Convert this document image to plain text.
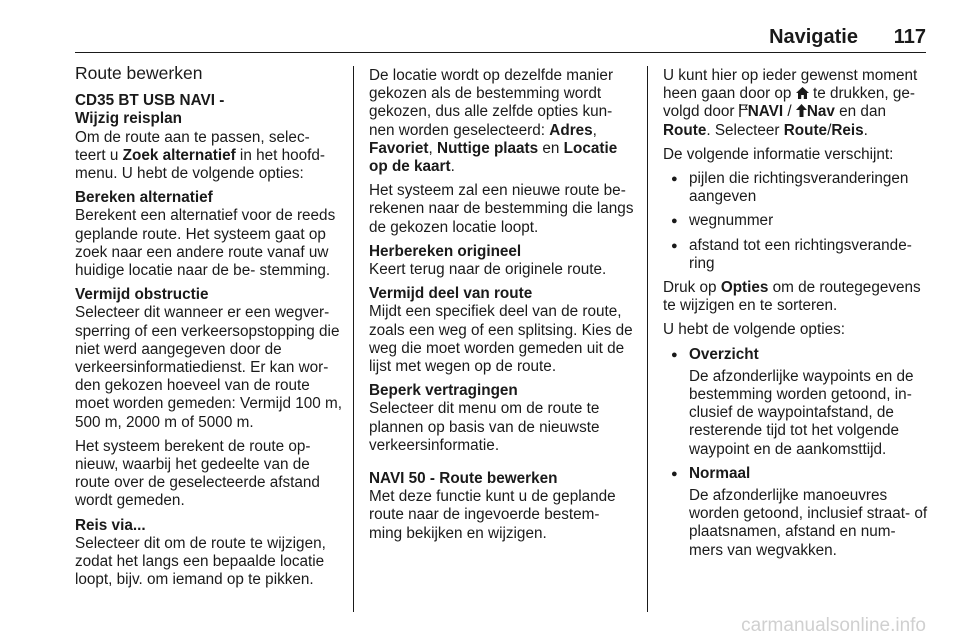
Navigatie 117
Route bewerken
CD35 BT USB NAVI -
Wijzig reisplan

Om de route aan te passen, selec- teert u Zoek alternatief in het hoofd- menu. U hebt de volgende opties:

Bereken alternatief

Berekent een alternatief voor de reeds geplande route. Het systeem gaat op zoek naar een andere route vanaf uw huidige locatie naar de be- stemming.

Vermijd obstructie

Selecteer dit wanneer er een wegver- sperring of een verkeersopstopping die niet werd aangegeven door de verkeersinformatiedienst. Er kan wor- den gekozen hoeveel van de route moet worden gemeden: Vermijd 100 m, 500 m, 2000 m of 5000 m.

Het systeem berekent de route op- nieuw, waarbij het gedeelte van de route over de geselecteerde afstand wordt gemeden.

Reis via...

Selecteer dit om de route te wijzigen, zodat het langs een bepaalde locatie loopt, bijv. om iemand op te pikken.

De locatie wordt op dezelfde manier gekozen als de bestemming wordt gekozen, dus alle zelfde opties kun- nen worden geselecteerd: Adres, Favoriet, Nuttige plaats en Locatie op de kaart.

Het systeem zal een nieuwe route be- rekenen naar de bestemming die langs de gekozen locatie loopt.

Herbereken origineel

Keert terug naar de originele route.

Vermijd deel van route

Mijdt een specifiek deel van de route, zoals een weg of een splitsing. Kies de weg die moet worden gemeden uit de lijst met wegen op de route.

Beperk vertragingen

Selecteer dit menu om de route te plannen op basis van de nieuwste verkeersinformatie.

NAVI 50 - Route bewerken

Met deze functie kunt u de geplande route naar de ingevoerde bestem- ming bekijken en wijzigen.

U kunt hier op ieder gewenst moment heen gaan door op  te drukken, ge- volgd door NAVI / Nav en dan Route. Selecteer Route/Reis.

De volgende informatie verschijnt:

● pijlen die richtingsveranderingen aangeven
● wegnummer
● afstand tot een richtingsverande- ring

Druk op Opties om de routegegevens te wijzigen en te sorteren.

U hebt de volgende opties:

● Overzicht
De afzonderlijke waypoints en de bestemming worden getoond, in- clusief de waypointafstand, de resterende tijd tot het volgende waypoint en de aankomsttijd.
● Normaal
De afzonderlijke manoeuvres worden getoond, inclusief straat- of plaatsnamen, afstand en num- mers van wegvakken.
carmanualsonline.info
